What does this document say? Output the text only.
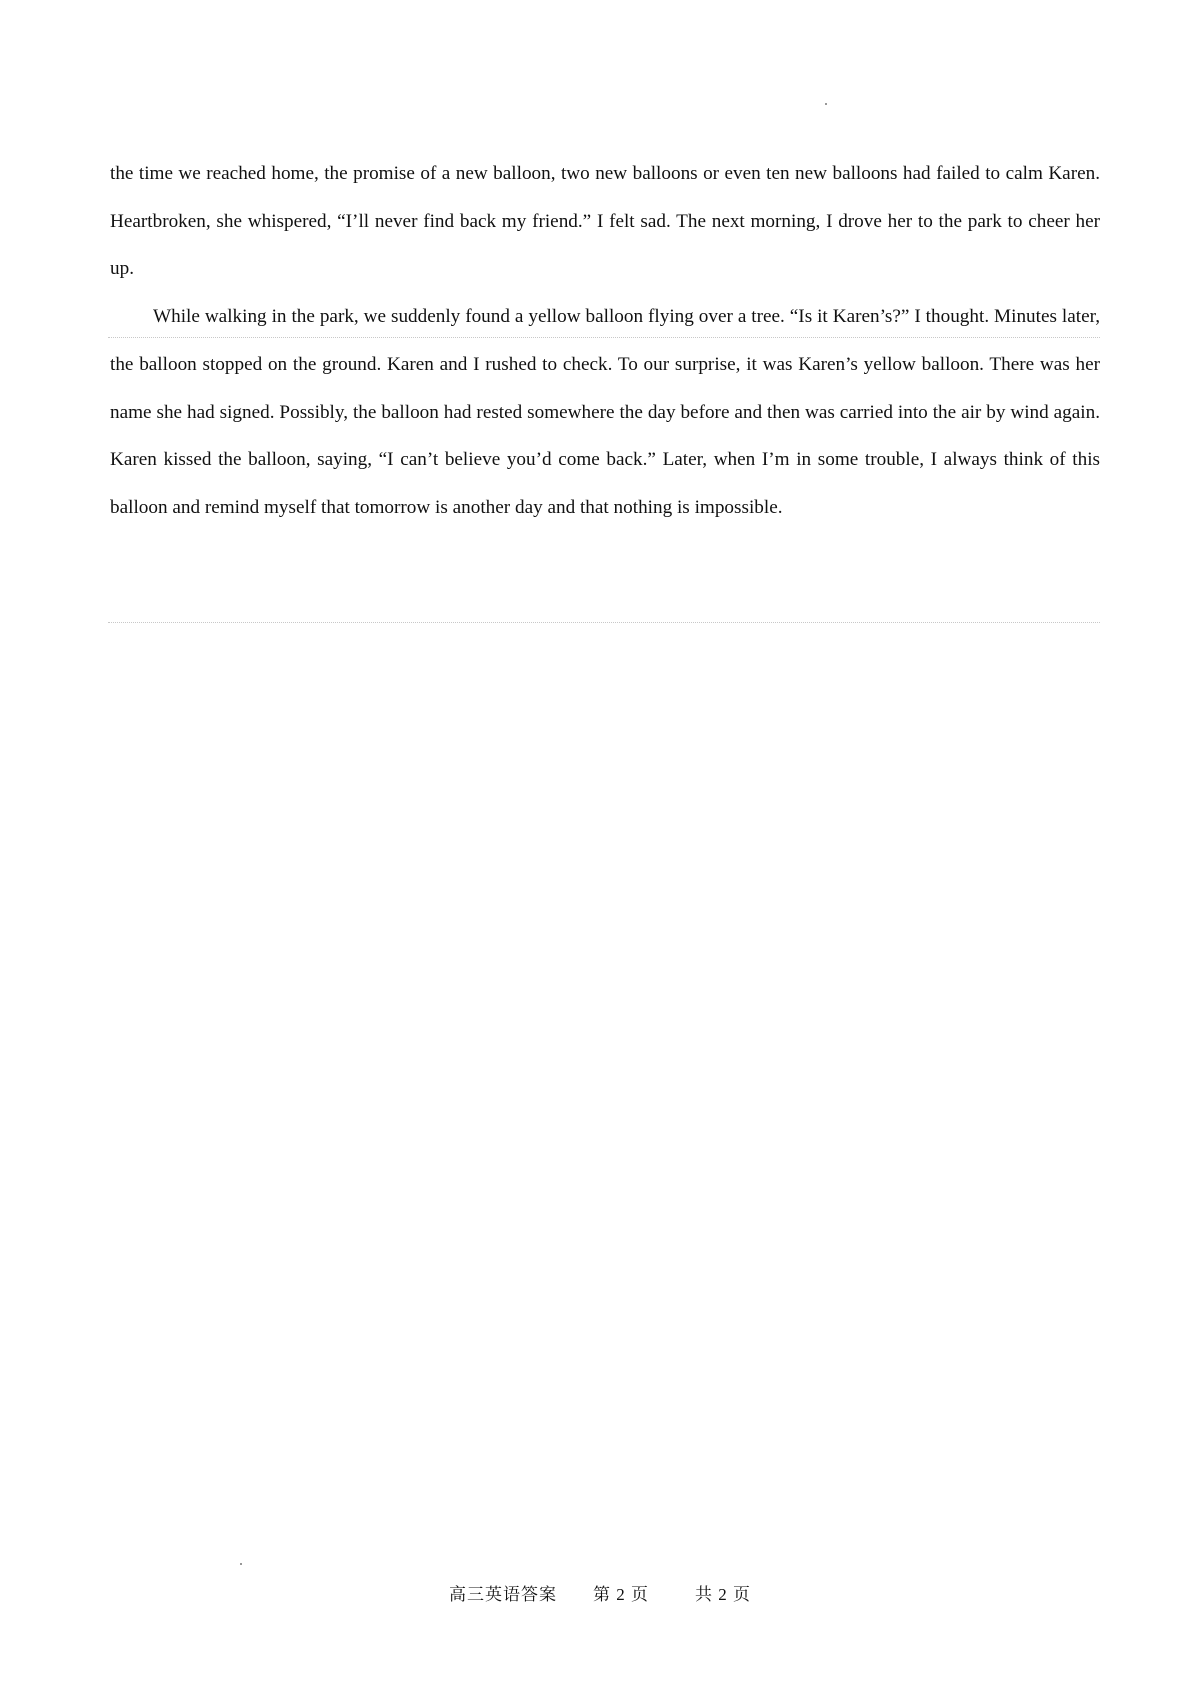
the time we reached home, the promise of a new balloon, two new balloons or even ten new balloons had failed to calm Karen. Heartbroken, she whispered, “I’ll never find back my friend.” I felt sad. The next morning, I drove her to the park to cheer her up.

While walking in the park, we suddenly found a yellow balloon flying over a tree. “Is it Karen’s?” I thought. Minutes later, the balloon stopped on the ground. Karen and I rushed to check. To our surprise, it was Karen’s yellow balloon. There was her name she had signed. Possibly, the balloon had rested somewhere the day before and then was carried into the air by wind again. Karen kissed the balloon, saying, “I can’t believe you’d come back.” Later, when I’m in some trouble, I always think of this balloon and remind myself that tomorrow is another day and that nothing is impossible.

高三英语答案 第 2 页	共 2 页
